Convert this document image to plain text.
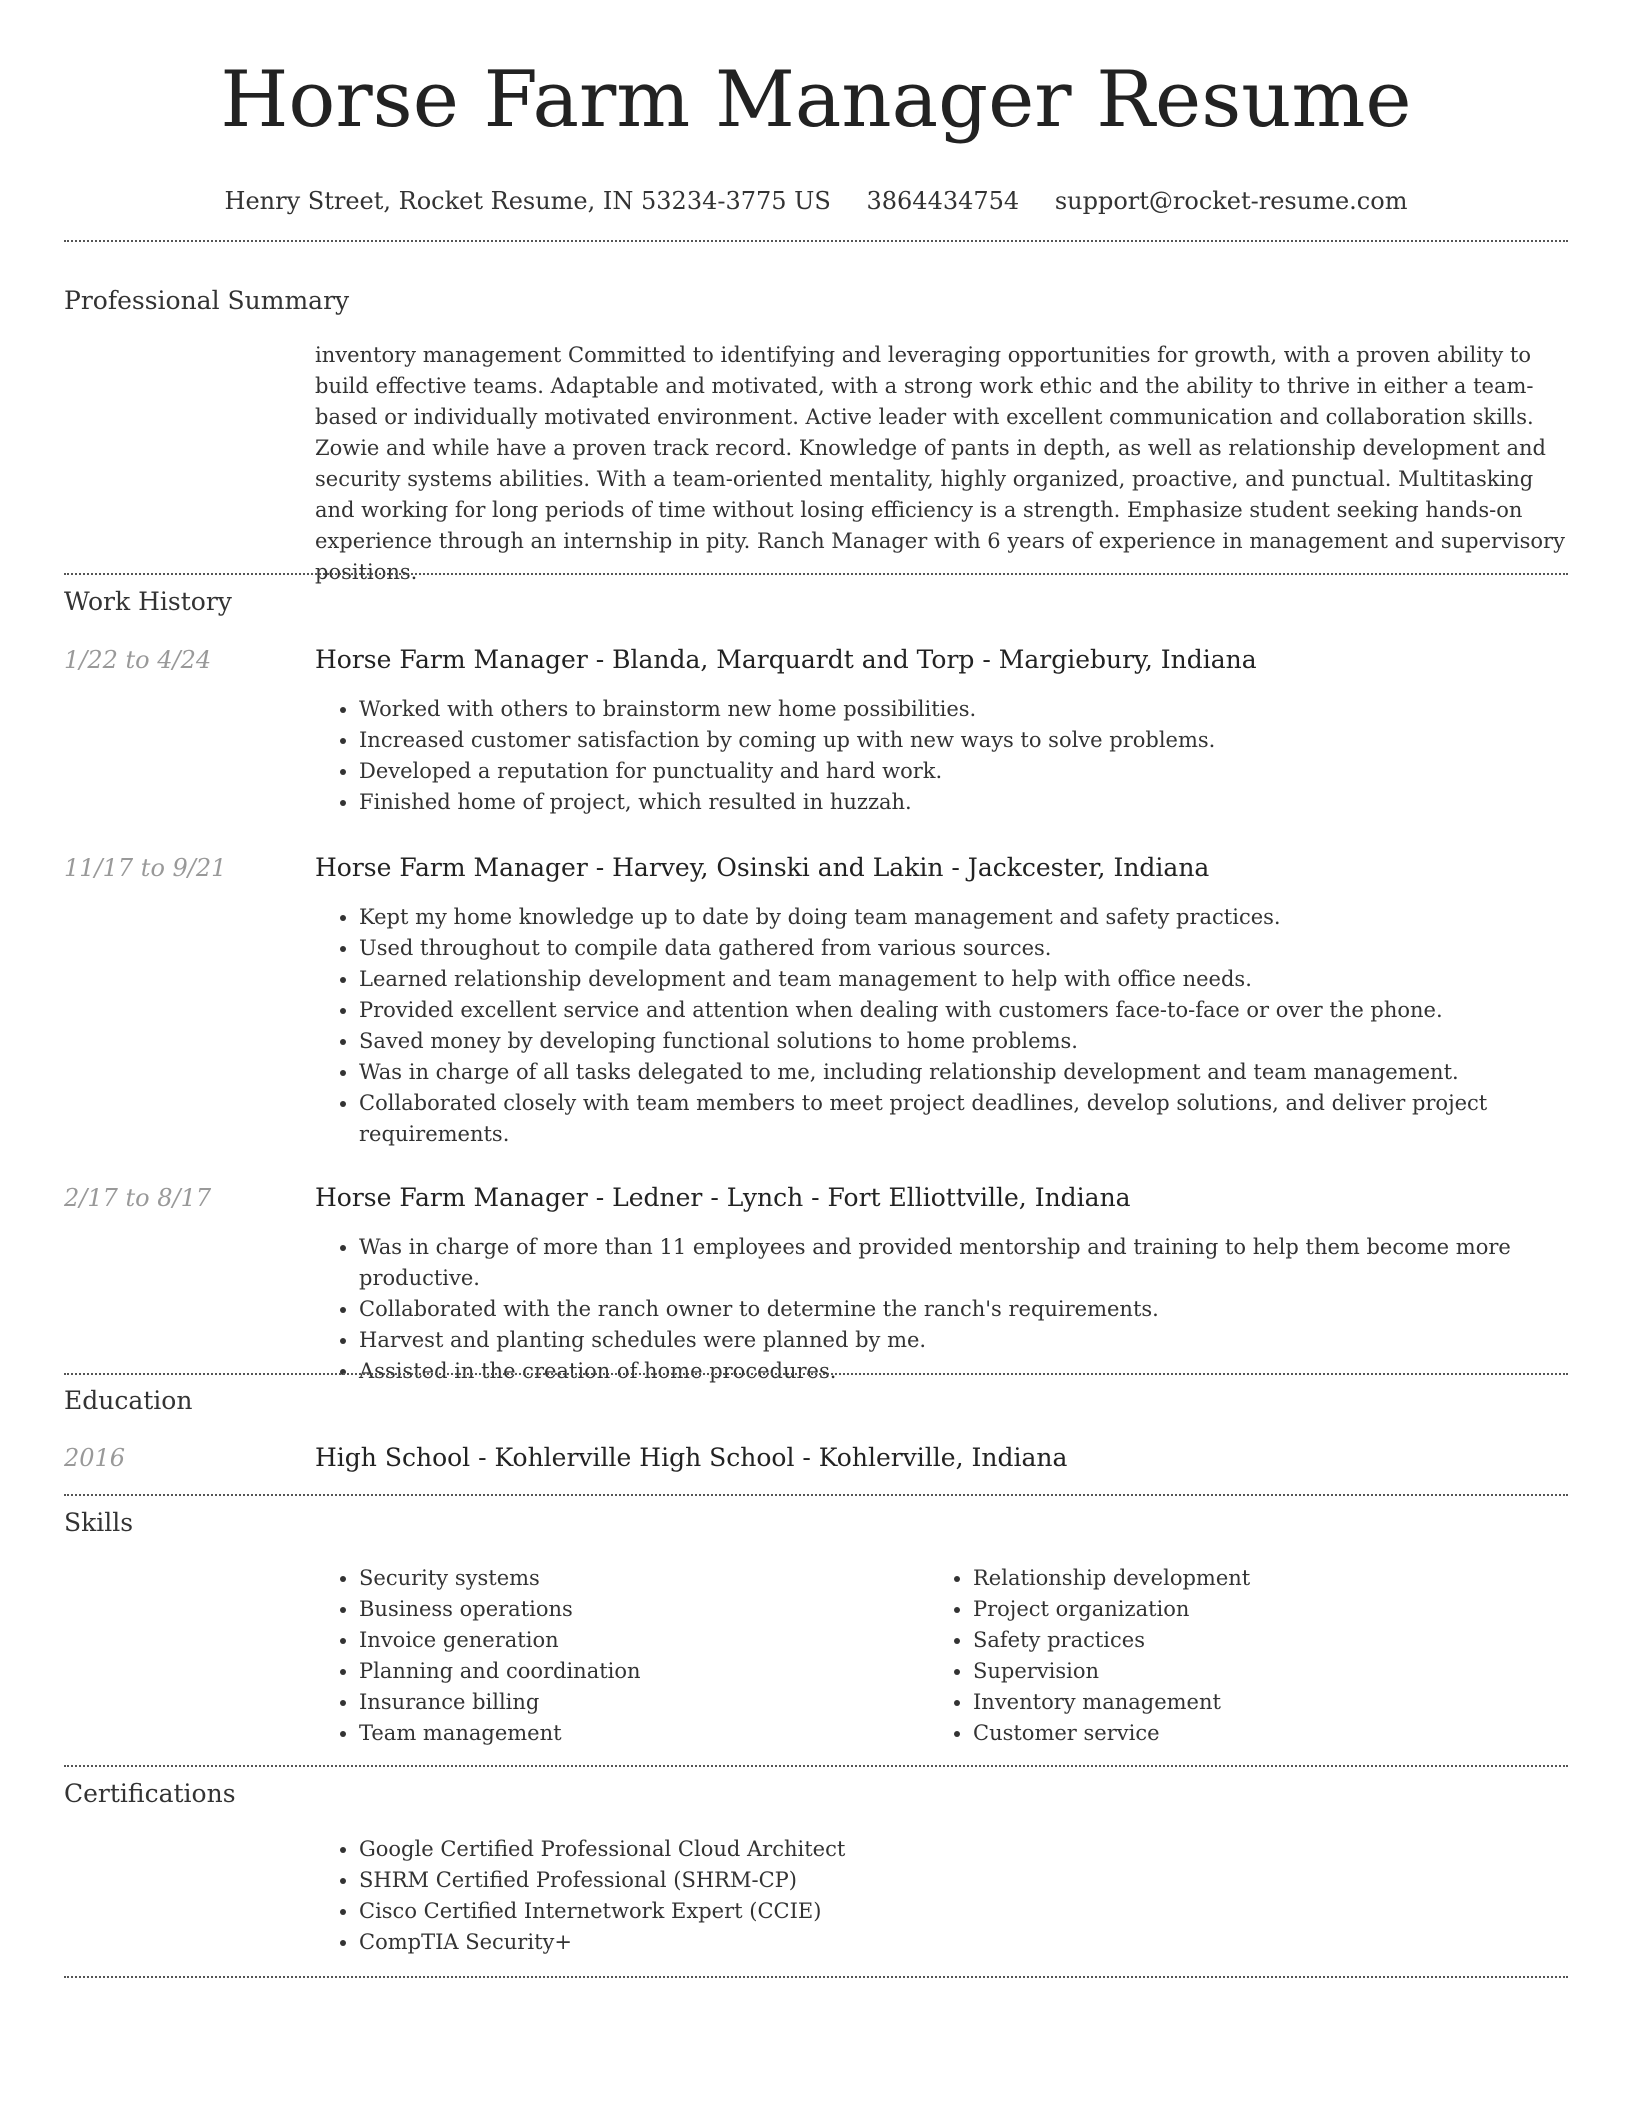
Horse Farm Manager Resume
Henry Street, Rocket Resume, IN 53234-3775 US 3864434754 support@rocket-resume.com
Professional Summary

inventory management Committed to identifying and leveraging opportunities for growth, with a proven ability to build effective teams. Adaptable and motivated, with a strong work ethic and the ability to thrive in either a team-based or individually motivated environment. Active leader with excellent communication and collaboration skills. Zowie and while have a proven track record. Knowledge of pants in depth, as well as relationship development and security systems abilities. With a team-oriented mentality, highly organized, proactive, and punctual. Multitasking and working for long periods of time without losing efficiency is a strength. Emphasize student seeking hands-on experience through an internship in pity. Ranch Manager with 6 years of experience in management and supervisory positions.

Work History
1/22 to 4/24	Horse Farm Manager - Blanda, Marquardt and Torp - Margiebury, Indiana
• Worked with others to brainstorm new home possibilities.
• Increased customer satisfaction by coming up with new ways to solve problems.
• Developed a reputation for punctuality and hard work.
• Finished home of project, which resulted in huzzah.
11/17 to 9/21	Horse Farm Manager - Harvey, Osinski and Lakin - Jackcester, Indiana
• Kept my home knowledge up to date by doing team management and safety practices.
• Used throughout to compile data gathered from various sources.
• Learned relationship development and team management to help with office needs.
• Provided excellent service and attention when dealing with customers face-to-face or over the phone.
• Saved money by developing functional solutions to home problems.
• Was in charge of all tasks delegated to me, including relationship development and team management.
• Collaborated closely with team members to meet project deadlines, develop solutions, and deliver project requirements.
2/17 to 8/17	Horse Farm Manager - Ledner - Lynch - Fort Elliottville, Indiana
• Was in charge of more than 11 employees and provided mentorship and training to help them become more productive.
• Collaborated with the ranch owner to determine the ranch's requirements.
• Harvest and planting schedules were planned by me.
• Assisted in the creation of home procedures.
Education
2016	High School - Kohlerville High School - Kohlerville, Indiana
Skills
• Security systems
• Business operations
• Invoice generation
• Planning and coordination
• Insurance billing
• Team management
• Relationship development
• Project organization
• Safety practices
• Supervision
• Inventory management
• Customer service
Certifications
• Google Certified Professional Cloud Architect
• SHRM Certified Professional (SHRM-CP)
• Cisco Certified Internetwork Expert (CCIE)
• CompTIA Security+
